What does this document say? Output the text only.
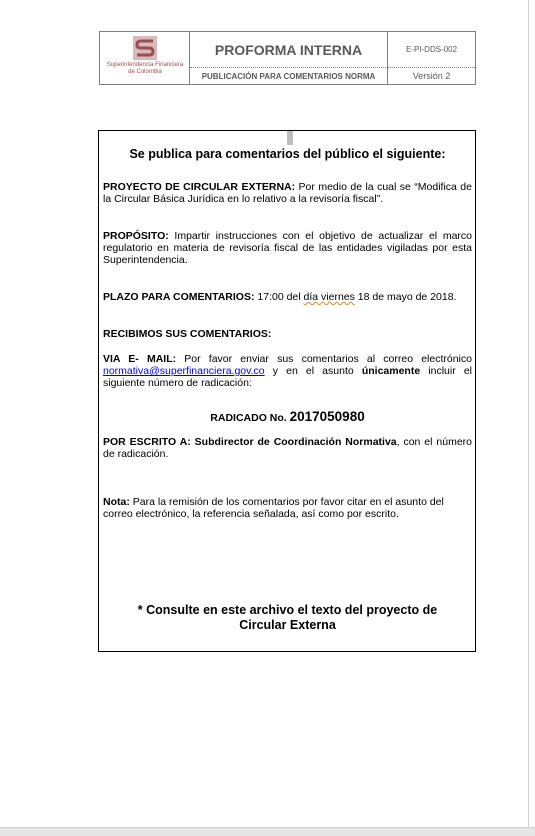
Superintendencia Financiera
de Colombia
PROFORMA INTERNA
PUBLICACIÓN PARA COMENTARIOS NORMA
E-PI-DDS-002
Versión 2
Se publica para comentarios del público el siguiente:
PROYECTO DE CIRCULAR EXTERNA: Por medio de la cual se “Modifica de la Circular Básica Jurídica en lo relativo a la revisoría fiscal”.
PROPÓSITO: Impartir instrucciones con el objetivo de actualizar el marco regulatorio en materia de revisoría fiscal de las entidades vigiladas por esta Superintendencia.
PLAZO PARA COMENTARIOS: 17:00 del día viernes 18 de mayo de 2018.
RECIBIMOS SUS COMENTARIOS:
VIA E- MAIL: Por favor enviar sus comentarios al correo electrónico normativa@superfinanciera.gov.co y en el asunto únicamente incluir el siguiente número de radicación:
RADICADO No. 2017050980
POR ESCRITO A: Subdirector de Coordinación Normativa, con el número de radicación.
Nota: Para la remisión de los comentarios por favor citar en el asunto del correo electrónico, la referencia señalada, así como por escrito.
* Consulte en este archivo el texto del proyecto de
Circular Externa
